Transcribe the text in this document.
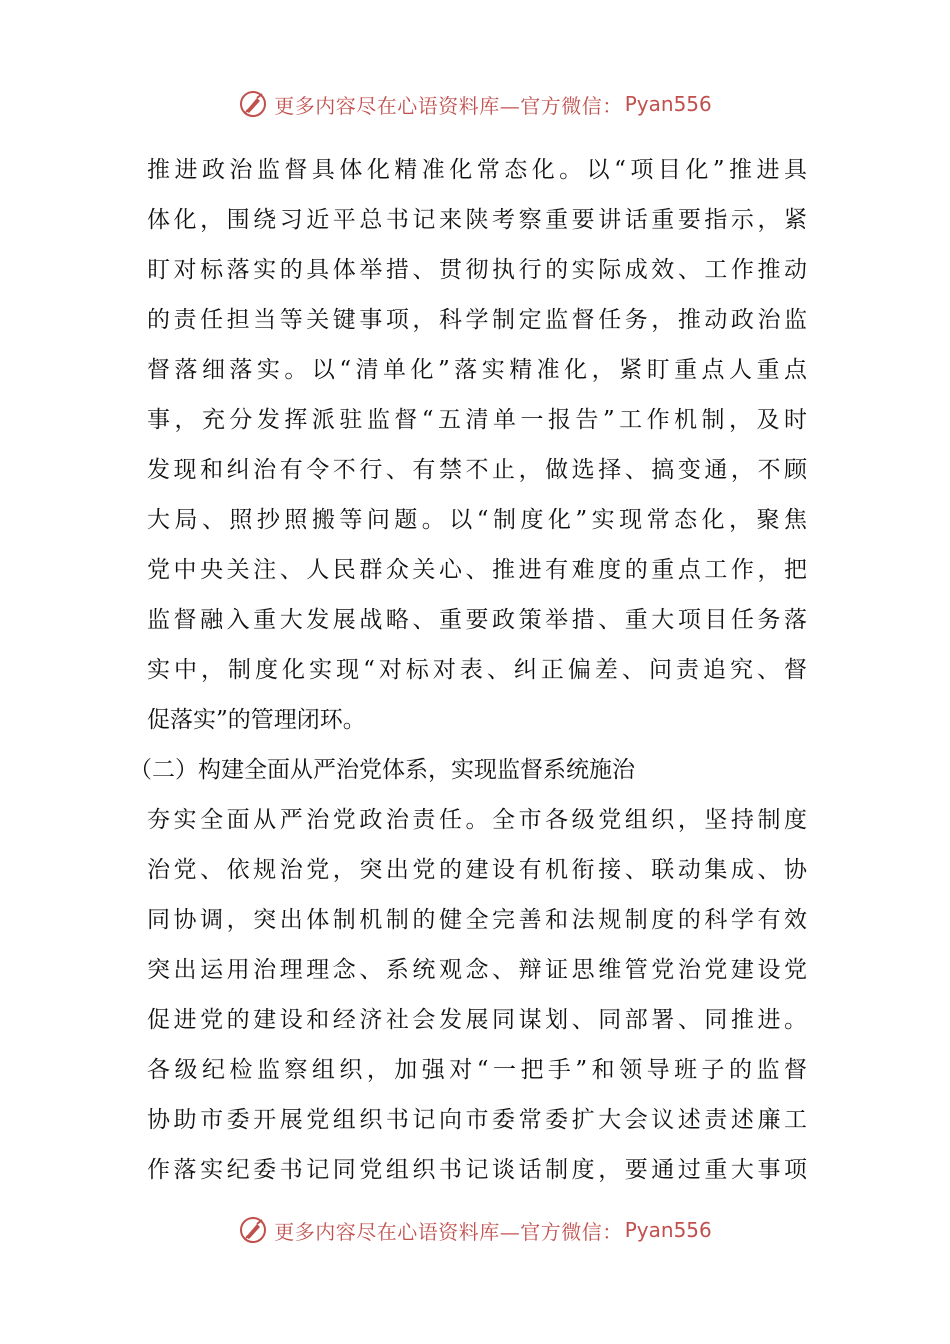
更多内容尽在心语资料库—官方微信： Pyan556
推进政治监督具体化精准化常态化。以“项目化”推进具
体化，围绕习近平总书记来陕考察重要讲话重要指示，紧
盯对标落实的具体举措、贯彻执行的实际成效、工作推动
的责任担当等关键事项，科学制定监督任务，推动政治监
督落细落实。以“清单化”落实精准化，紧盯重点人重点
事，充分发挥派驻监督“五清单一报告”工作机制，及时
发现和纠治有令不行、有禁不止，做选择、搞变通，不顾
大局、照抄照搬等问题。以“制度化”实现常态化，聚焦
党中央关注、人民群众关心、推进有难度的重点工作，把
监督融入重大发展战略、重要政策举措、重大项目任务落
实中，制度化实现“对标对表、纠正偏差、问责追究、督
促落实”的管理闭环。
（二）构建全面从严治党体系，实现监督系统施治
夯实全面从严治党政治责任。全市各级党组织，坚持制度
治党、依规治党，突出党的建设有机衔接、联动集成、协
同协调，突出体制机制的健全完善和法规制度的科学有效
突出运用治理理念、系统观念、辩证思维管党治党建设党
促进党的建设和经济社会发展同谋划、同部署、同推进。
各级纪检监察组织，加强对“一把手”和领导班子的监督
协助市委开展党组织书记向市委常委扩大会议述责述廉工
作落实纪委书记同党组织书记谈话制度，要通过重大事项
更多内容尽在心语资料库—官方微信： Pyan556
